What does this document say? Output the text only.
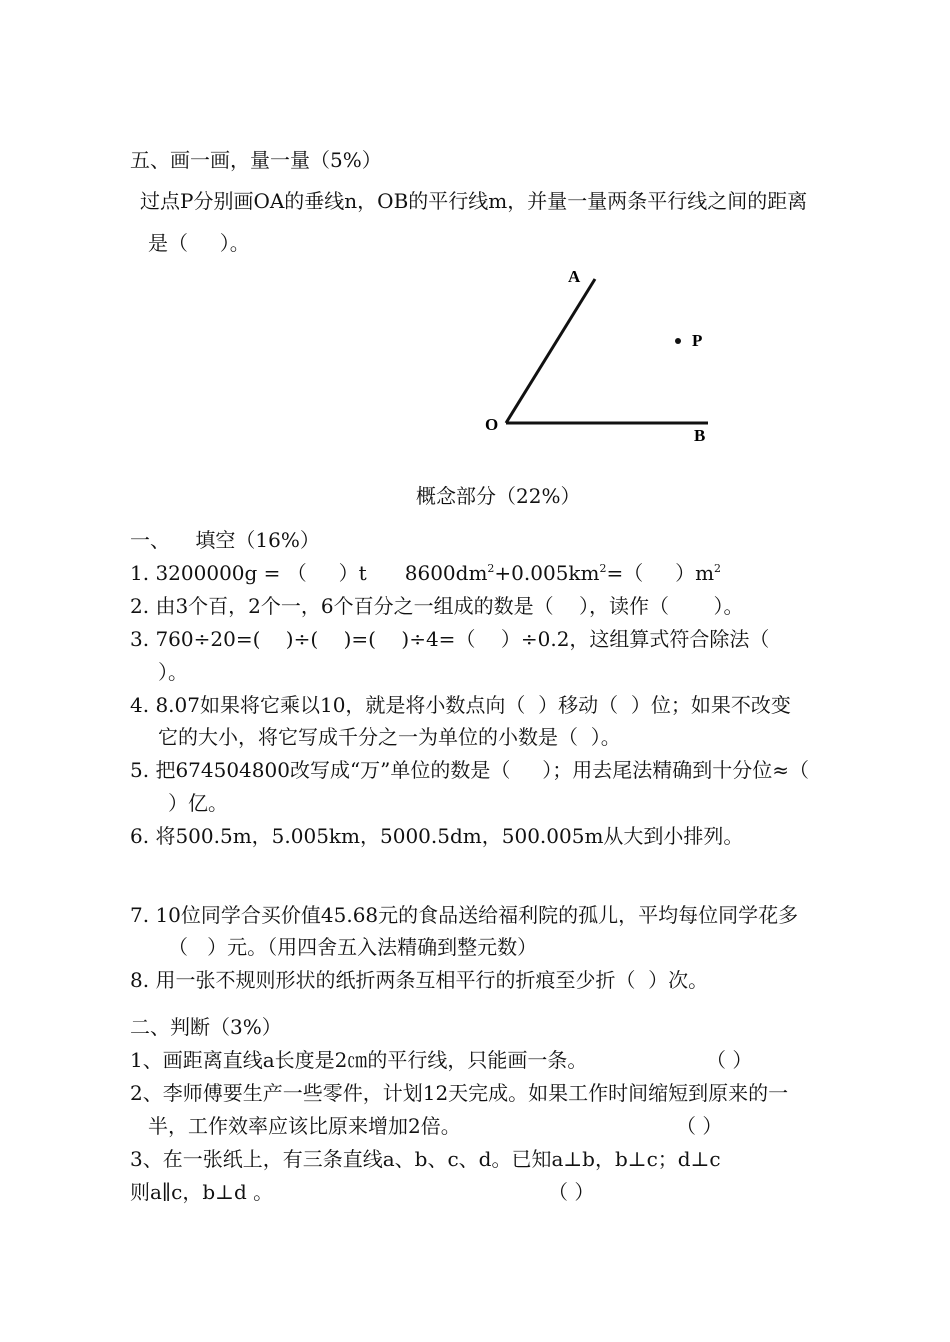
五、画一画，量一量（5%）
过点P分别画OA的垂线n，OB的平行线m，并量一量两条平行线之间的距离
是（     ）。
A
P
O
B
概念部分（22%）
一、    填空（16%）
1. 3200000g = （     ）t      $8600dm^2+0.005km^2=$（     ）$m^2$
2. 由3个百，2个一，6个百分之一组成的数是（    ），读作（       ）。
3. 760÷20=(    )÷(    )=(    )÷4=（    ）÷0.2，这组算式符合除法（
）。
4. 8.07如果将它乘以10，就是将小数点向（  ）移动（  ）位；如果不改变
它的大小，将它写成千分之一为单位的小数是（  ）。
5. 把674504800改写成“万”单位的数是（     ）；用去尾法精确到十分位≈（
）亿。
6. 将500.5m，5.005km，5000.5dm，500.005m从大到小排列。
7. 10位同学合买价值45.68元的食品送给福利院的孤儿，平均每位同学花多
（   ）元。（用四舍五入法精确到整元数）
8. 用一张不规则形状的纸折两条互相平行的折痕至少折（  ）次。
二、判断（3%）
1、画距离直线a长度是2㎝的平行线，只能画一条。	（ ）
2、李师傅要生产一些零件，计划12天完成。如果工作时间缩短到原来的一
半，工作效率应该比原来增加2倍。	（ ）
3、在一张纸上，有三条直线a、b、c、d。已知a⊥b，b⊥c；d⊥c
则a∥c，b⊥d 。	（ ）
